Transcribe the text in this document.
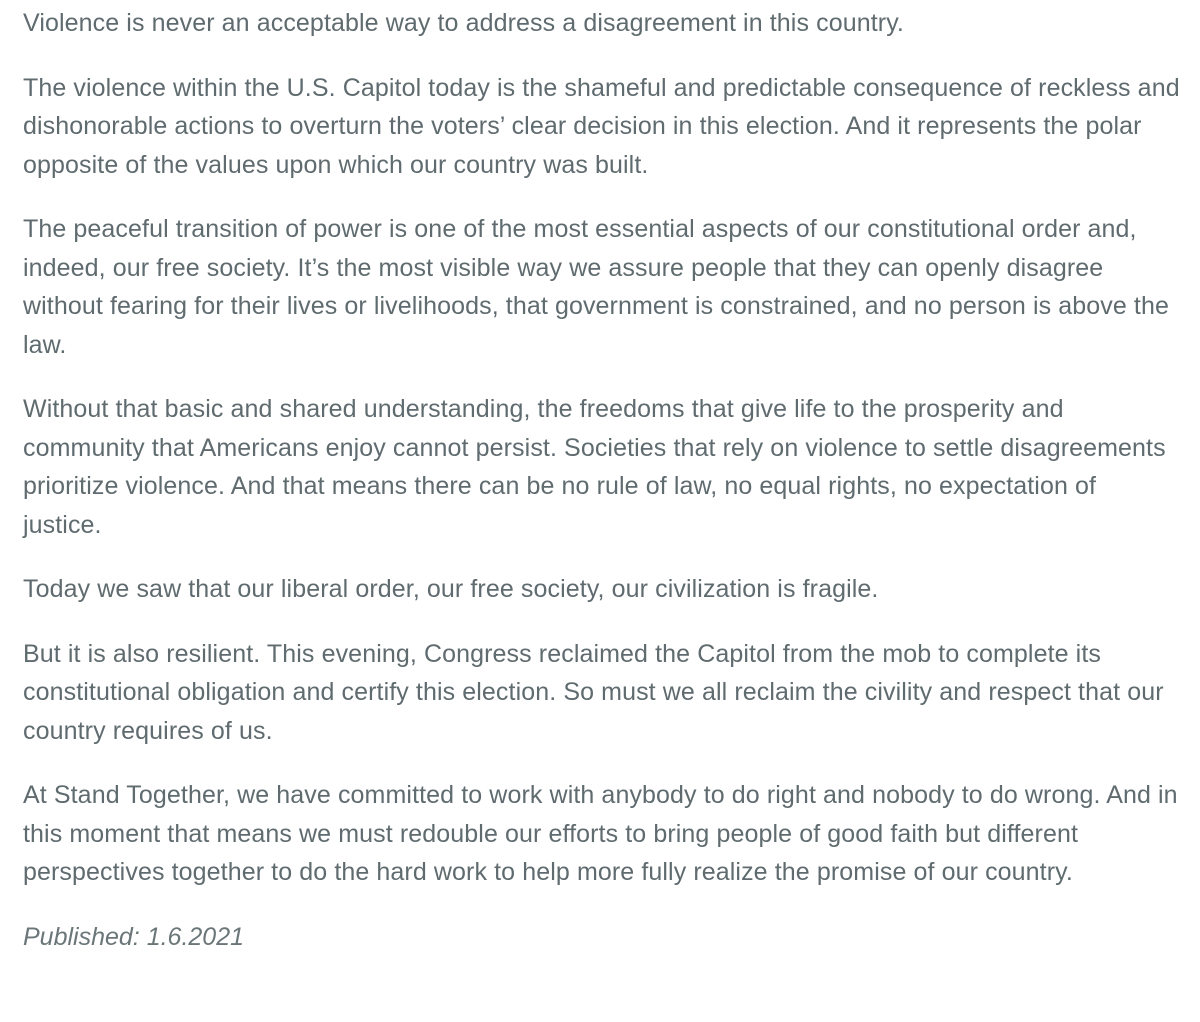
Violence is never an acceptable way to address a disagreement in this country.

The violence within the U.S. Capitol today is the shameful and predictable consequence of reckless and dishonorable actions to overturn the voters’ clear decision in this election. And it represents the polar opposite of the values upon which our country was built.

The peaceful transition of power is one of the most essential aspects of our constitutional order and, indeed, our free society. It’s the most visible way we assure people that they can openly disagree without fearing for their lives or livelihoods, that government is constrained, and no person is above the law.

Without that basic and shared understanding, the freedoms that give life to the prosperity and community that Americans enjoy cannot persist. Societies that rely on violence to settle disagreements prioritize violence. And that means there can be no rule of law, no equal rights, no expectation of justice.

Today we saw that our liberal order, our free society, our civilization is fragile.

But it is also resilient. This evening, Congress reclaimed the Capitol from the mob to complete its constitutional obligation and certify this election. So must we all reclaim the civility and respect that our country requires of us.

At Stand Together, we have committed to work with anybody to do right and nobody to do wrong. And in this moment that means we must redouble our efforts to bring people of good faith but different perspectives together to do the hard work to help more fully realize the promise of our country.

Published: 1.6.2021
